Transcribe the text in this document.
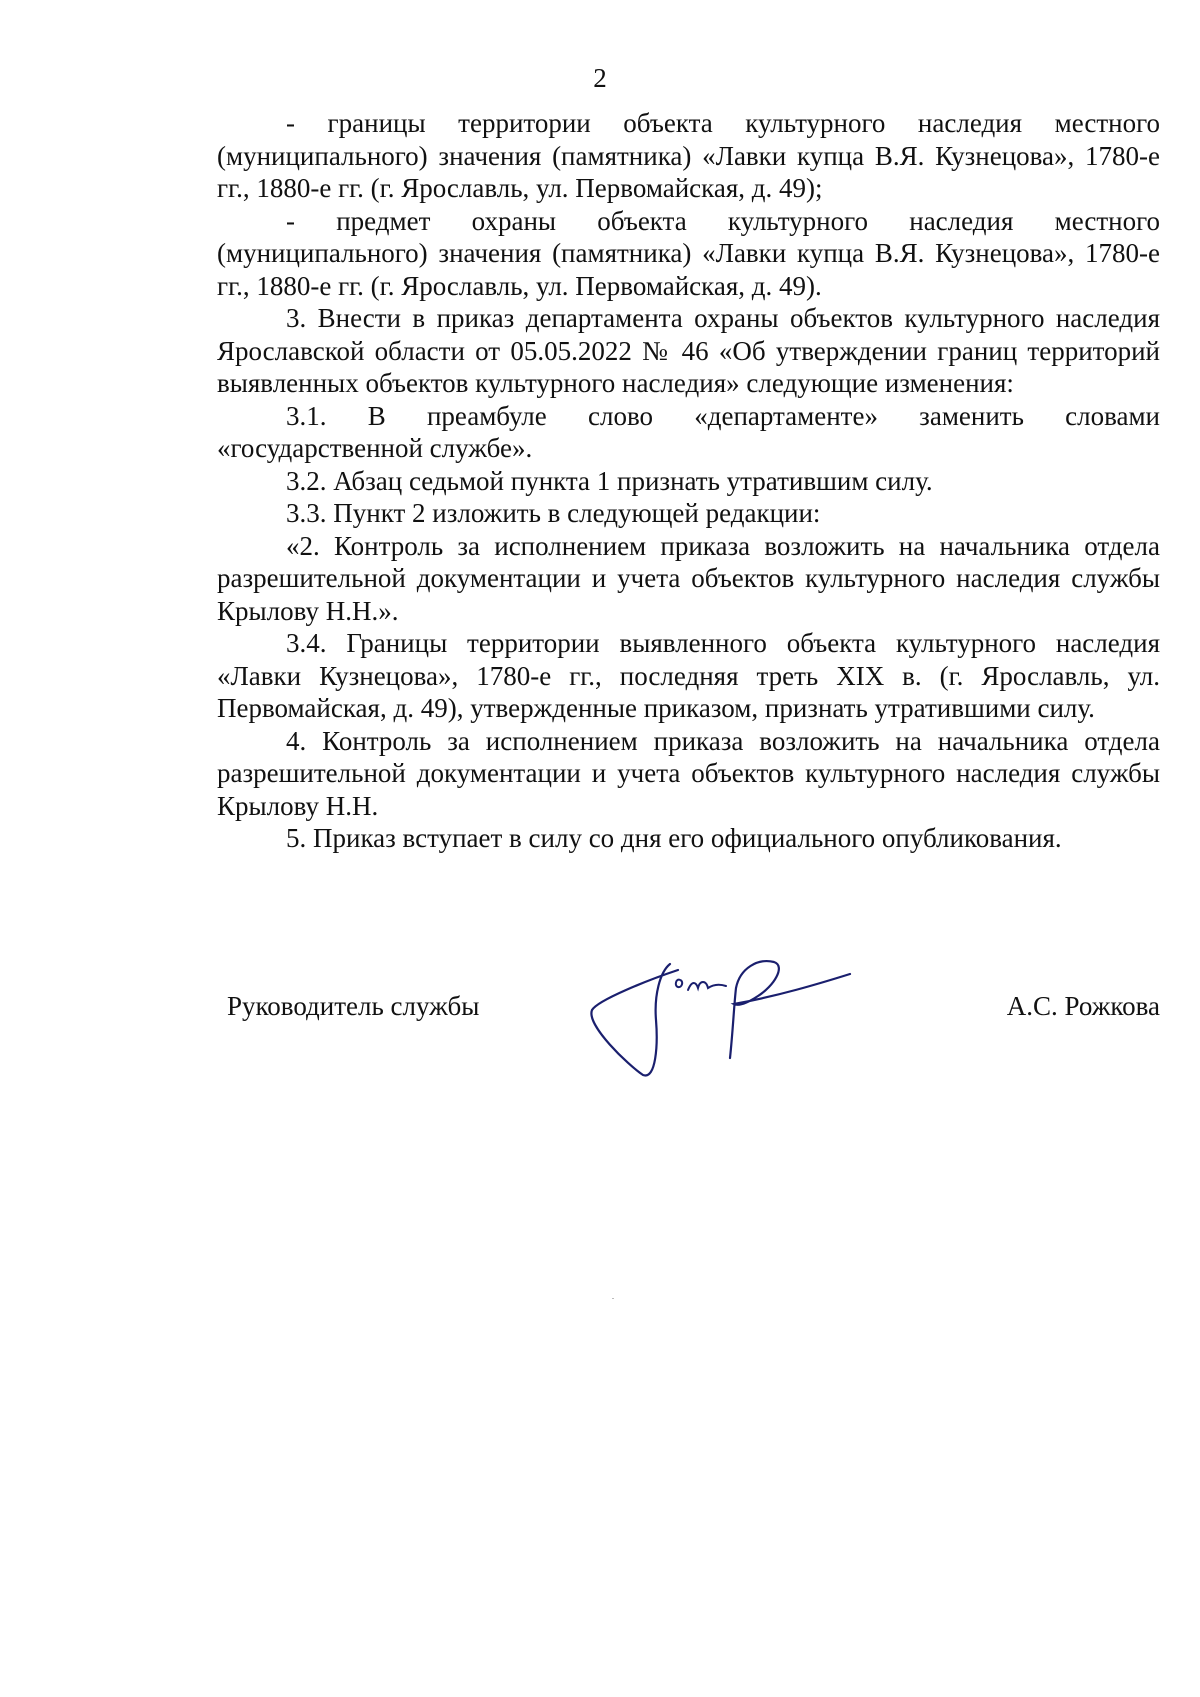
2

- границы территории объекта культурного наследия местного (муниципального) значения (памятника) «Лавки купца В.Я. Кузнецова», 1780-е гг., 1880-е гг. (г. Ярославль, ул. Первомайская, д. 49);

- предмет охраны объекта культурного наследия местного (муниципального) значения (памятника) «Лавки купца В.Я. Кузнецова», 1780-е гг., 1880-е гг. (г. Ярославль, ул. Первомайская, д. 49).

3. Внести в приказ департамента охраны объектов культурного наследия Ярославской области от 05.05.2022 № 46 «Об утверждении границ территорий выявленных объектов культурного наследия» следующие изменения:

3.1. В преамбуле слово «департаменте» заменить словами «государственной службе».

3.2. Абзац седьмой пункта 1 признать утратившим силу.

3.3. Пункт 2 изложить в следующей редакции:

«2. Контроль за исполнением приказа возложить на начальника отдела разрешительной документации и учета объектов культурного наследия службы Крылову Н.Н.».

3.4. Границы территории выявленного объекта культурного наследия «Лавки Кузнецова», 1780-е гг., последняя треть XIX в. (г. Ярославль, ул. Первомайская, д. 49), утвержденные приказом, признать утратившими силу.

4. Контроль за исполнением приказа возложить на начальника отдела разрешительной документации и учета объектов культурного наследия службы Крылову Н.Н.

5. Приказ вступает в силу со дня его официального опубликования.

Руководитель службы	А.С. Рожкова
